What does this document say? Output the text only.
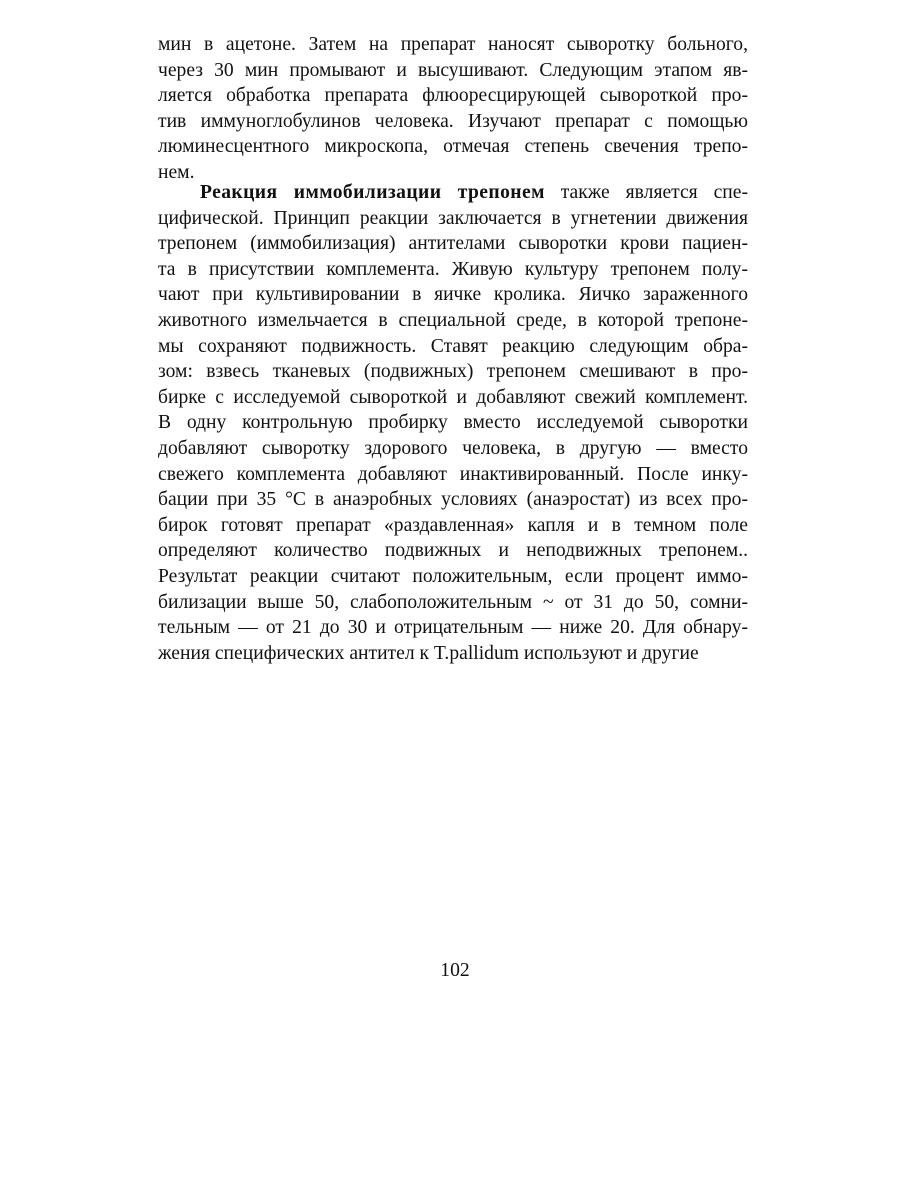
мин в ацетоне. Затем на препарат наносят сыворотку больного,
через 30 мин промывают и высушивают. Следующим этапом яв-
ляется обработка препарата флюоресцирующей сывороткой про-
тив иммуноглобулинов человека. Изучают препарат с помощью
люминесцентного микроскопа, отмечая степень свечения трепо-
нем.
Реакция иммобилизации трепонем также является спе-
цифической. Принцип реакции заключается в угнетении движения
трепонем (иммобилизация) антителами сыворотки крови пациен-
та в присутствии комплемента. Живую культуру трепонем полу-
чают при культивировании в яичке кролика. Яичко зараженного
животного измельчается в специальной среде, в которой трепоне-
мы сохраняют подвижность. Ставят реакцию следующим обра-
зом: взвесь тканевых (подвижных) трепонем смешивают в про-
бирке с исследуемой сывороткой и добавляют свежий комплемент.
В одну контрольную пробирку вместо исследуемой сыворотки
добавляют сыворотку здорового человека, в другую — вместо
свежего комплемента добавляют инактивированный. После инку-
бации при 35 °С в анаэробных условиях (анаэростат) из всех про-
бирок готовят препарат «раздавленная» капля и в темном поле
определяют количество подвижных и неподвижных трепонем..
Результат реакции считают положительным, если процент иммо-
билизации выше 50, слабоположительным ~ от 31 до 50, сомни-
тельным — от 21 до 30 и отрицательным — ниже 20. Для обнару-
жения специфических антител к T.pallidum используют и другие
102
